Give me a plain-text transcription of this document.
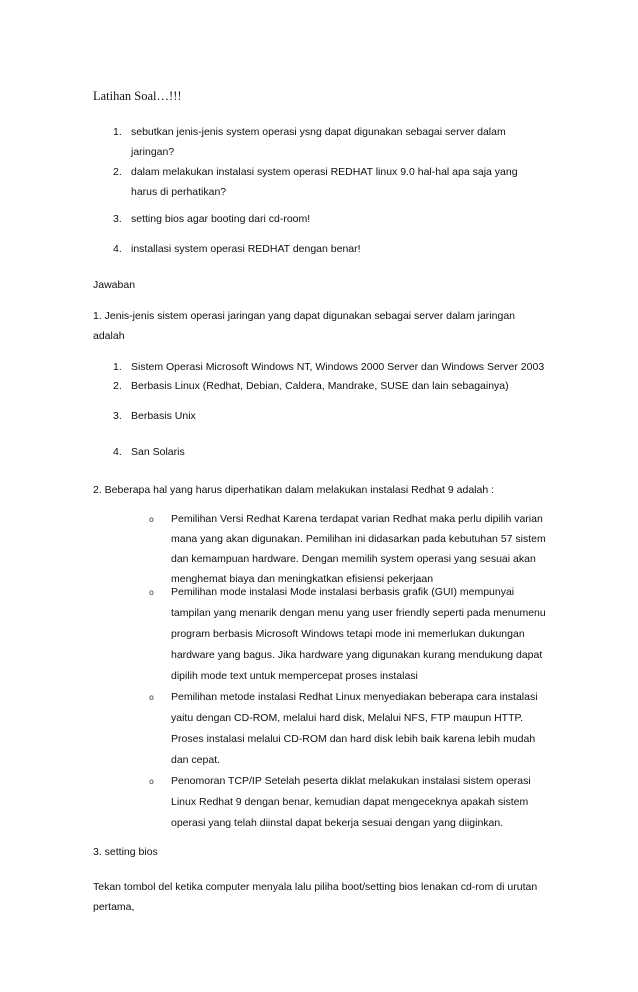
Latihan Soal…!!!
1. sebutkan jenis-jenis system operasi ysng dapat digunakan sebagai server dalam
jaringan?
2. dalam melakukan instalasi system operasi REDHAT linux 9.0 hal-hal apa saja yang
harus di perhatikan?
3. setting bios agar booting dari cd-room!
4. installasi system operasi REDHAT dengan benar!
Jawaban
1. Jenis-jenis sistem operasi jaringan yang dapat digunakan sebagai server dalam jaringan
adalah
1. Sistem Operasi Microsoft Windows NT, Windows 2000 Server dan Windows Server 2003
2. Berbasis Linux (Redhat, Debian, Caldera, Mandrake, SUSE dan lain sebagainya)
3. Berbasis Unix
4. San Solaris
2. Beberapa hal yang harus diperhatikan dalam melakukan instalasi Redhat 9 adalah :
o Pemilihan Versi Redhat Karena terdapat varian Redhat maka perlu dipilih varian
mana yang akan digunakan. Pemilihan ini didasarkan pada kebutuhan 57 sistem
dan kemampuan hardware. Dengan memilih system operasi yang sesuai akan
menghemat biaya dan meningkatkan efisiensi pekerjaan
o Pemilihan mode instalasi Mode instalasi berbasis grafik (GUI) mempunyai
tampilan yang menarik dengan menu yang user friendly seperti pada menumenu
program berbasis Microsoft Windows tetapi mode ini memerlukan dukungan
hardware yang bagus. Jika hardware yang digunakan kurang mendukung dapat
dipilih mode text untuk mempercepat proses instalasi
o Pemilihan metode instalasi Redhat Linux menyediakan beberapa cara instalasi
yaitu dengan CD-ROM, melalui hard disk, Melalui NFS, FTP maupun HTTP.
Proses instalasi melalui CD-ROM dan hard disk lebih baik karena lebih mudah
dan cepat.
o Penomoran TCP/IP Setelah peserta diklat melakukan instalasi sistem operasi
Linux Redhat 9 dengan benar, kemudian dapat mengeceknya apakah sistem
operasi yang telah diinstal dapat bekerja sesuai dengan yang diiginkan.
3. setting bios
Tekan tombol del ketika computer menyala lalu piliha boot/setting bios lenakan cd-rom di urutan
pertama,
